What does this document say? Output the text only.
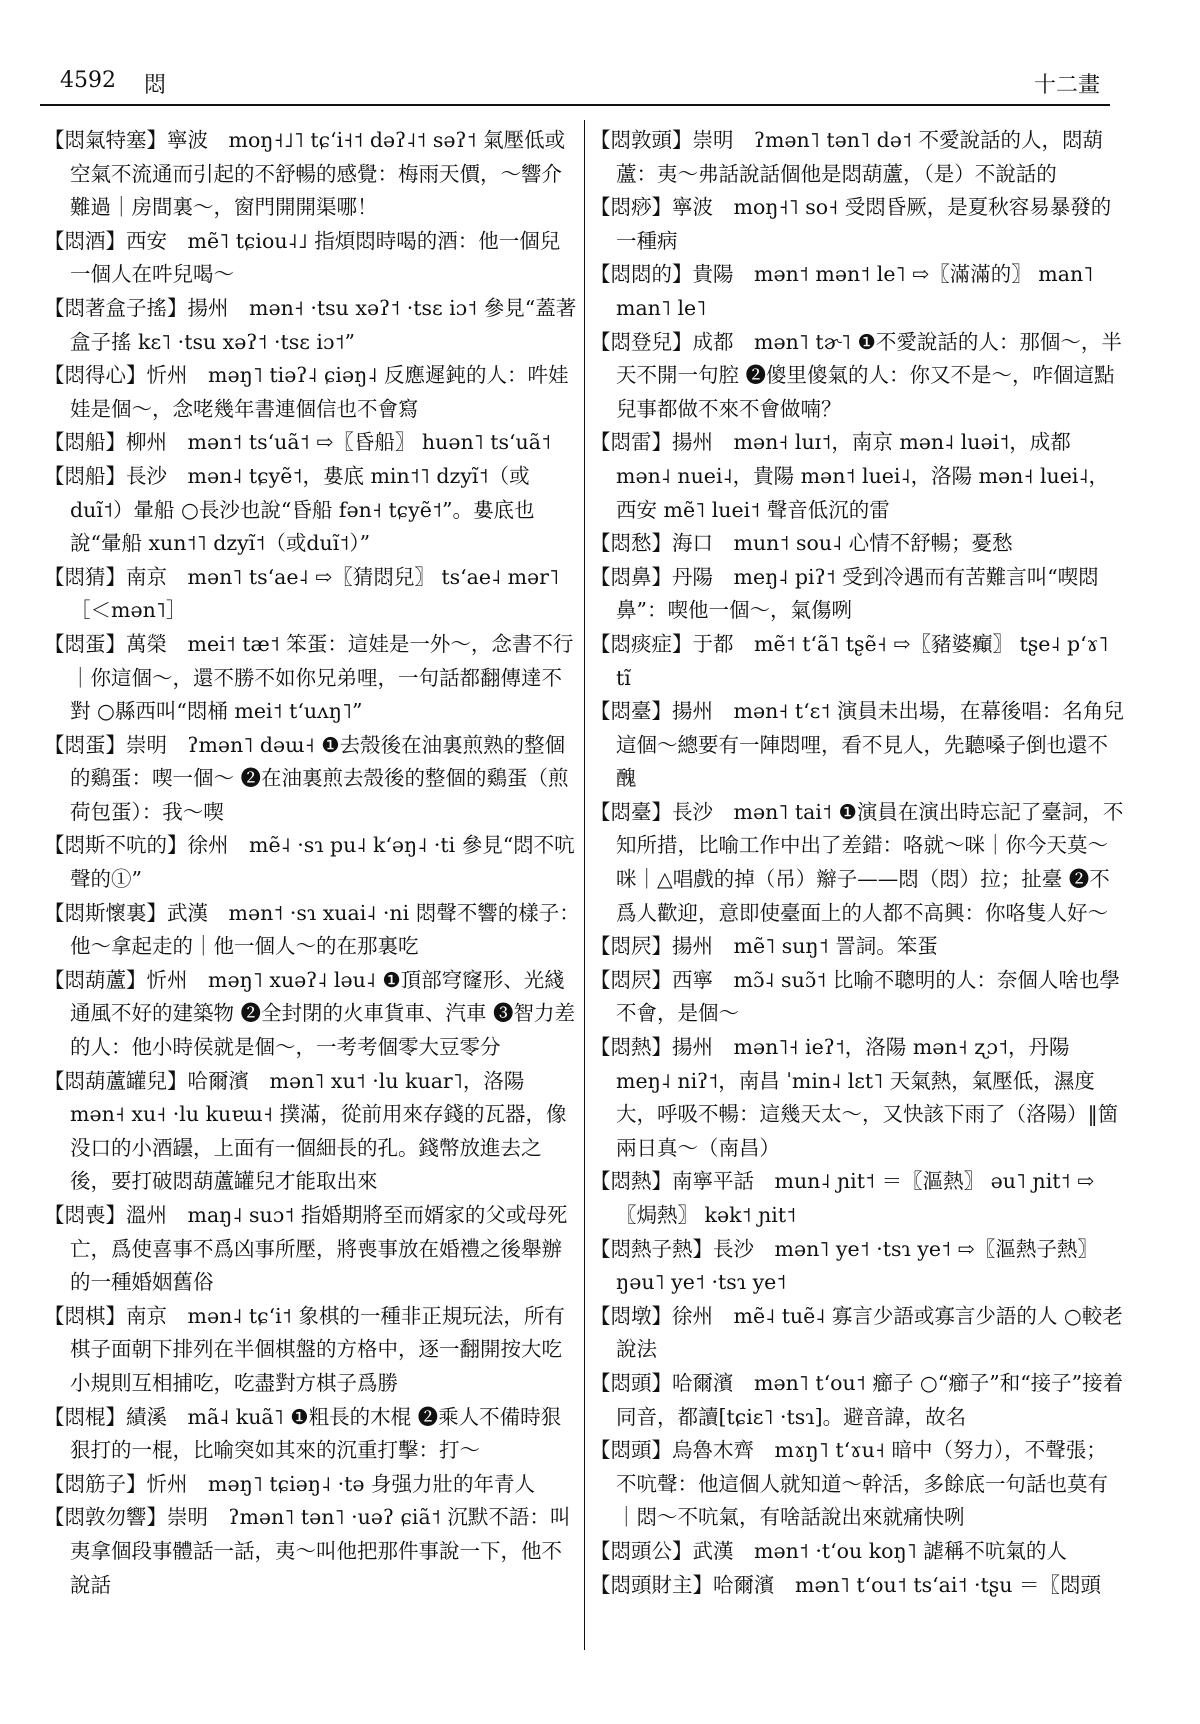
4592 悶	十二畫

【悶氣特塞】寧波　moŋ˧˩˥ tɕʻi˧˦ dəʔ˨˦ səʔ˦ 氣壓低或空氣不流通而引起的不舒暢的感覺：梅雨天價，～響介難過｜房間裏～，窗門開開渠哪！

【悶酒】西安　mẽ˥ tɕiou˨˩ 指煩悶時喝的酒：他一個兒一個人在吽兒喝～

【悶著盒子搖】揚州　mən˧ ·tsu xəʔ˦ ·tsɛ iɔ˦ 參見“蓋著盒子搖 kɛ˥ ·tsu xəʔ˦ ·tsɛ iɔ˦”

【悶得心】忻州　məŋ˥ tiəʔ˨ ɕiəŋ˨ 反應遲鈍的人：吽娃娃是個～，念咾幾年書連個信也不會寫

【悶船】柳州　mən˦ tsʻuã˦ ⇨〖昏船〗 huən˥ tsʻuã˦

【悶船】長沙　mən˨ tɕyẽ˦，婁底 min˦˥ dzyĩ˦（或duĩ˦）暈船 ○長沙也說“昏船 fən˧ tɕyẽ˦”。婁底也說“暈船 xun˦˥ dzyĩ˦（或duĩ˦）”

【悶猜】南京　mən˥ tsʻae˨ ⇨〖猜悶兒〗 tsʻae˨ mər˥［＜mən˥］

【悶蛋】萬榮　mei˦ tæ˦ 笨蛋：這娃是一外～，念書不行｜你這個～，還不勝不如你兄弟哩，一句話都翻傳達不對 ○縣西叫“悶桶 mei˦ tʻuʌŋ˥”

【悶蛋】崇明　ʔmən˥ dəɯ˧ ❶去殼後在油裏煎熟的整個的鷄蛋：喫一個～ ❷在油裏煎去殼後的整個的鷄蛋（煎荷包蛋）：我～喫

【悶斯不吭的】徐州　mẽ˨ ·sɿ pu˨ kʻəŋ˨ ·ti 參見“悶不吭聲的①”

【悶斯懷裏】武漢　mən˦ ·sɿ xuai˨ ·ni 悶聲不響的樣子：他～拿起走的｜他一個人～的在那裏吃

【悶葫蘆】忻州　məŋ˥ xuəʔ˨ ləu˨ ❶頂部穹窿形、光綫通風不好的建築物 ❷全封閉的火車貨車、汽車 ❸智力差的人：他小時侯就是個～，一考考個零大豆零分

【悶葫蘆罐兒】哈爾濱　mən˥ xu˦ ·lu kuar˥，洛陽 mən˧ xu˧ ·lu kuɐɯ˧ 撲滿，從前用來存錢的瓦器，像没口的小酒罎，上面有一個細長的孔。錢幣放進去之後，要打破悶葫蘆罐兒才能取出來

【悶喪】溫州　maŋ˨ suɔ˦ 指婚期將至而婿家的父或母死亡，爲使喜事不爲凶事所壓，將喪事放在婚禮之後舉辦的一種婚姻舊俗

【悶棋】南京　mən˨ tɕʻi˦ 象棋的一種非正規玩法，所有棋子面朝下排列在半個棋盤的方格中，逐一翻開按大吃小規則互相捕吃，吃盡對方棋子爲勝

【悶棍】績溪　mã˨ kuã˥ ❶粗長的木棍 ❷乘人不備時狠狠打的一棍，比喻突如其來的沉重打擊：打～

【悶筋子】忻州　məŋ˥ tɕiəŋ˨ ·tə 身强力壯的年青人

【悶敦勿響】崇明　ʔmən˥ tən˥ ·uəʔ ɕiã˦ 沉默不語：叫夷拿個段事體話一話，夷～叫他把那件事說一下，他不說話

【悶敦頭】崇明　ʔmən˥ tən˥ də˦ 不愛說話的人，悶葫蘆：夷～弗話說話個他是悶葫蘆，（是）不說話的

【悶痧】寧波　moŋ˧˥ so˧ 受悶昏厥，是夏秋容易暴發的一種病

【悶悶的】貴陽　mən˦ mən˦ le˥ ⇨〖滿滿的〗 man˥ man˥ le˥

【悶登兒】成都　mən˥ tɚ˥ ❶不愛說話的人：那個～，半天不開一句腔 ❷傻里傻氣的人：你又不是～，咋個這點兒事都做不來不會做喃？

【悶雷】揚州　mən˧ luɪ˦，南京 mən˨ luəi˦，成都 mən˨ nuei˨，貴陽 mən˦ luei˨，洛陽 mən˧ luei˨，西安 mẽ˥ luei˦ 聲音低沉的雷

【悶愁】海口　mun˦ sou˨ 心情不舒暢；憂愁

【悶鼻】丹陽　meŋ˨ piʔ˦ 受到冷遇而有苦難言叫“喫悶鼻”：喫他一個～，氣傷咧

【悶痰症】于都　mẽ˦ tʻã˥ tʂẽ˧ ⇨〖豬婆癲〗 tʂe˨ pʻɤ˥ tĩ

【悶臺】揚州　mən˧ tʻɛ˦ 演員未出場，在幕後唱：名角兒這個～總要有一陣悶哩，看不見人，先聽嗓子倒也還不醜

【悶臺】長沙　mən˥ tai˦ ❶演員在演出時忘記了臺詞，不知所措，比喻工作中出了差錯：咯就～咪｜你今天莫～咪｜△唱戲的掉（吊）辮子——悶（悶）拉；扯臺 ❷不爲人歡迎，意即使臺面上的人都不高興：你咯隻人好～

【悶屄】揚州　mẽ˥ suŋ˦ 詈詞。笨蛋

【悶屄】西寧　mɔ̃˨ suɔ̃˦ 比喻不聰明的人：奈個人啥也學不會，是個～

【悶熱】揚州　mən˥˧ ieʔ˦，洛陽 mən˧ ʐɔ˦，丹陽 meŋ˨ niʔ˦，南昌 ˈmin˨ lɛt˥ 天氣熱，氣壓低，濕度大，呼吸不暢：這幾天太～，又快該下雨了（洛陽）‖箇兩日真～（南昌）

【悶熱】南寧平話　mun˨ ɲit˦ ＝〖漚熱〗 əu˥ ɲit˦ ⇨〖焗熱〗 kək˦ ɲit˦

【悶熱子熱】長沙　mən˥ ye˦ ·tsɿ ye˦ ⇨〖漚熱子熱〗 ŋəu˥ ye˦ ·tsɿ ye˦

【悶墩】徐州　mẽ˨ tuẽ˨ 寡言少語或寡言少語的人 ○較老說法

【悶頭】哈爾濱　mən˥ tʻou˦ 癤子 ○“癤子”和“接子”接着同音，都讀[tɕiɛ˥ ·tsɿ]。避音諱，故名

【悶頭】烏魯木齊　mɤŋ˥ tʻɤu˧ 暗中（努力），不聲張；不吭聲：他這個人就知道～幹活，多餘底一句話也莫有｜悶～不吭氣，有啥話說出來就痛快咧

【悶頭公】武漢　mən˦ ·tʻou koŋ˥ 謔稱不吭氣的人

【悶頭財主】哈爾濱　mən˥ tʻou˦ tsʻai˦ ·tʂu ＝〖悶頭
